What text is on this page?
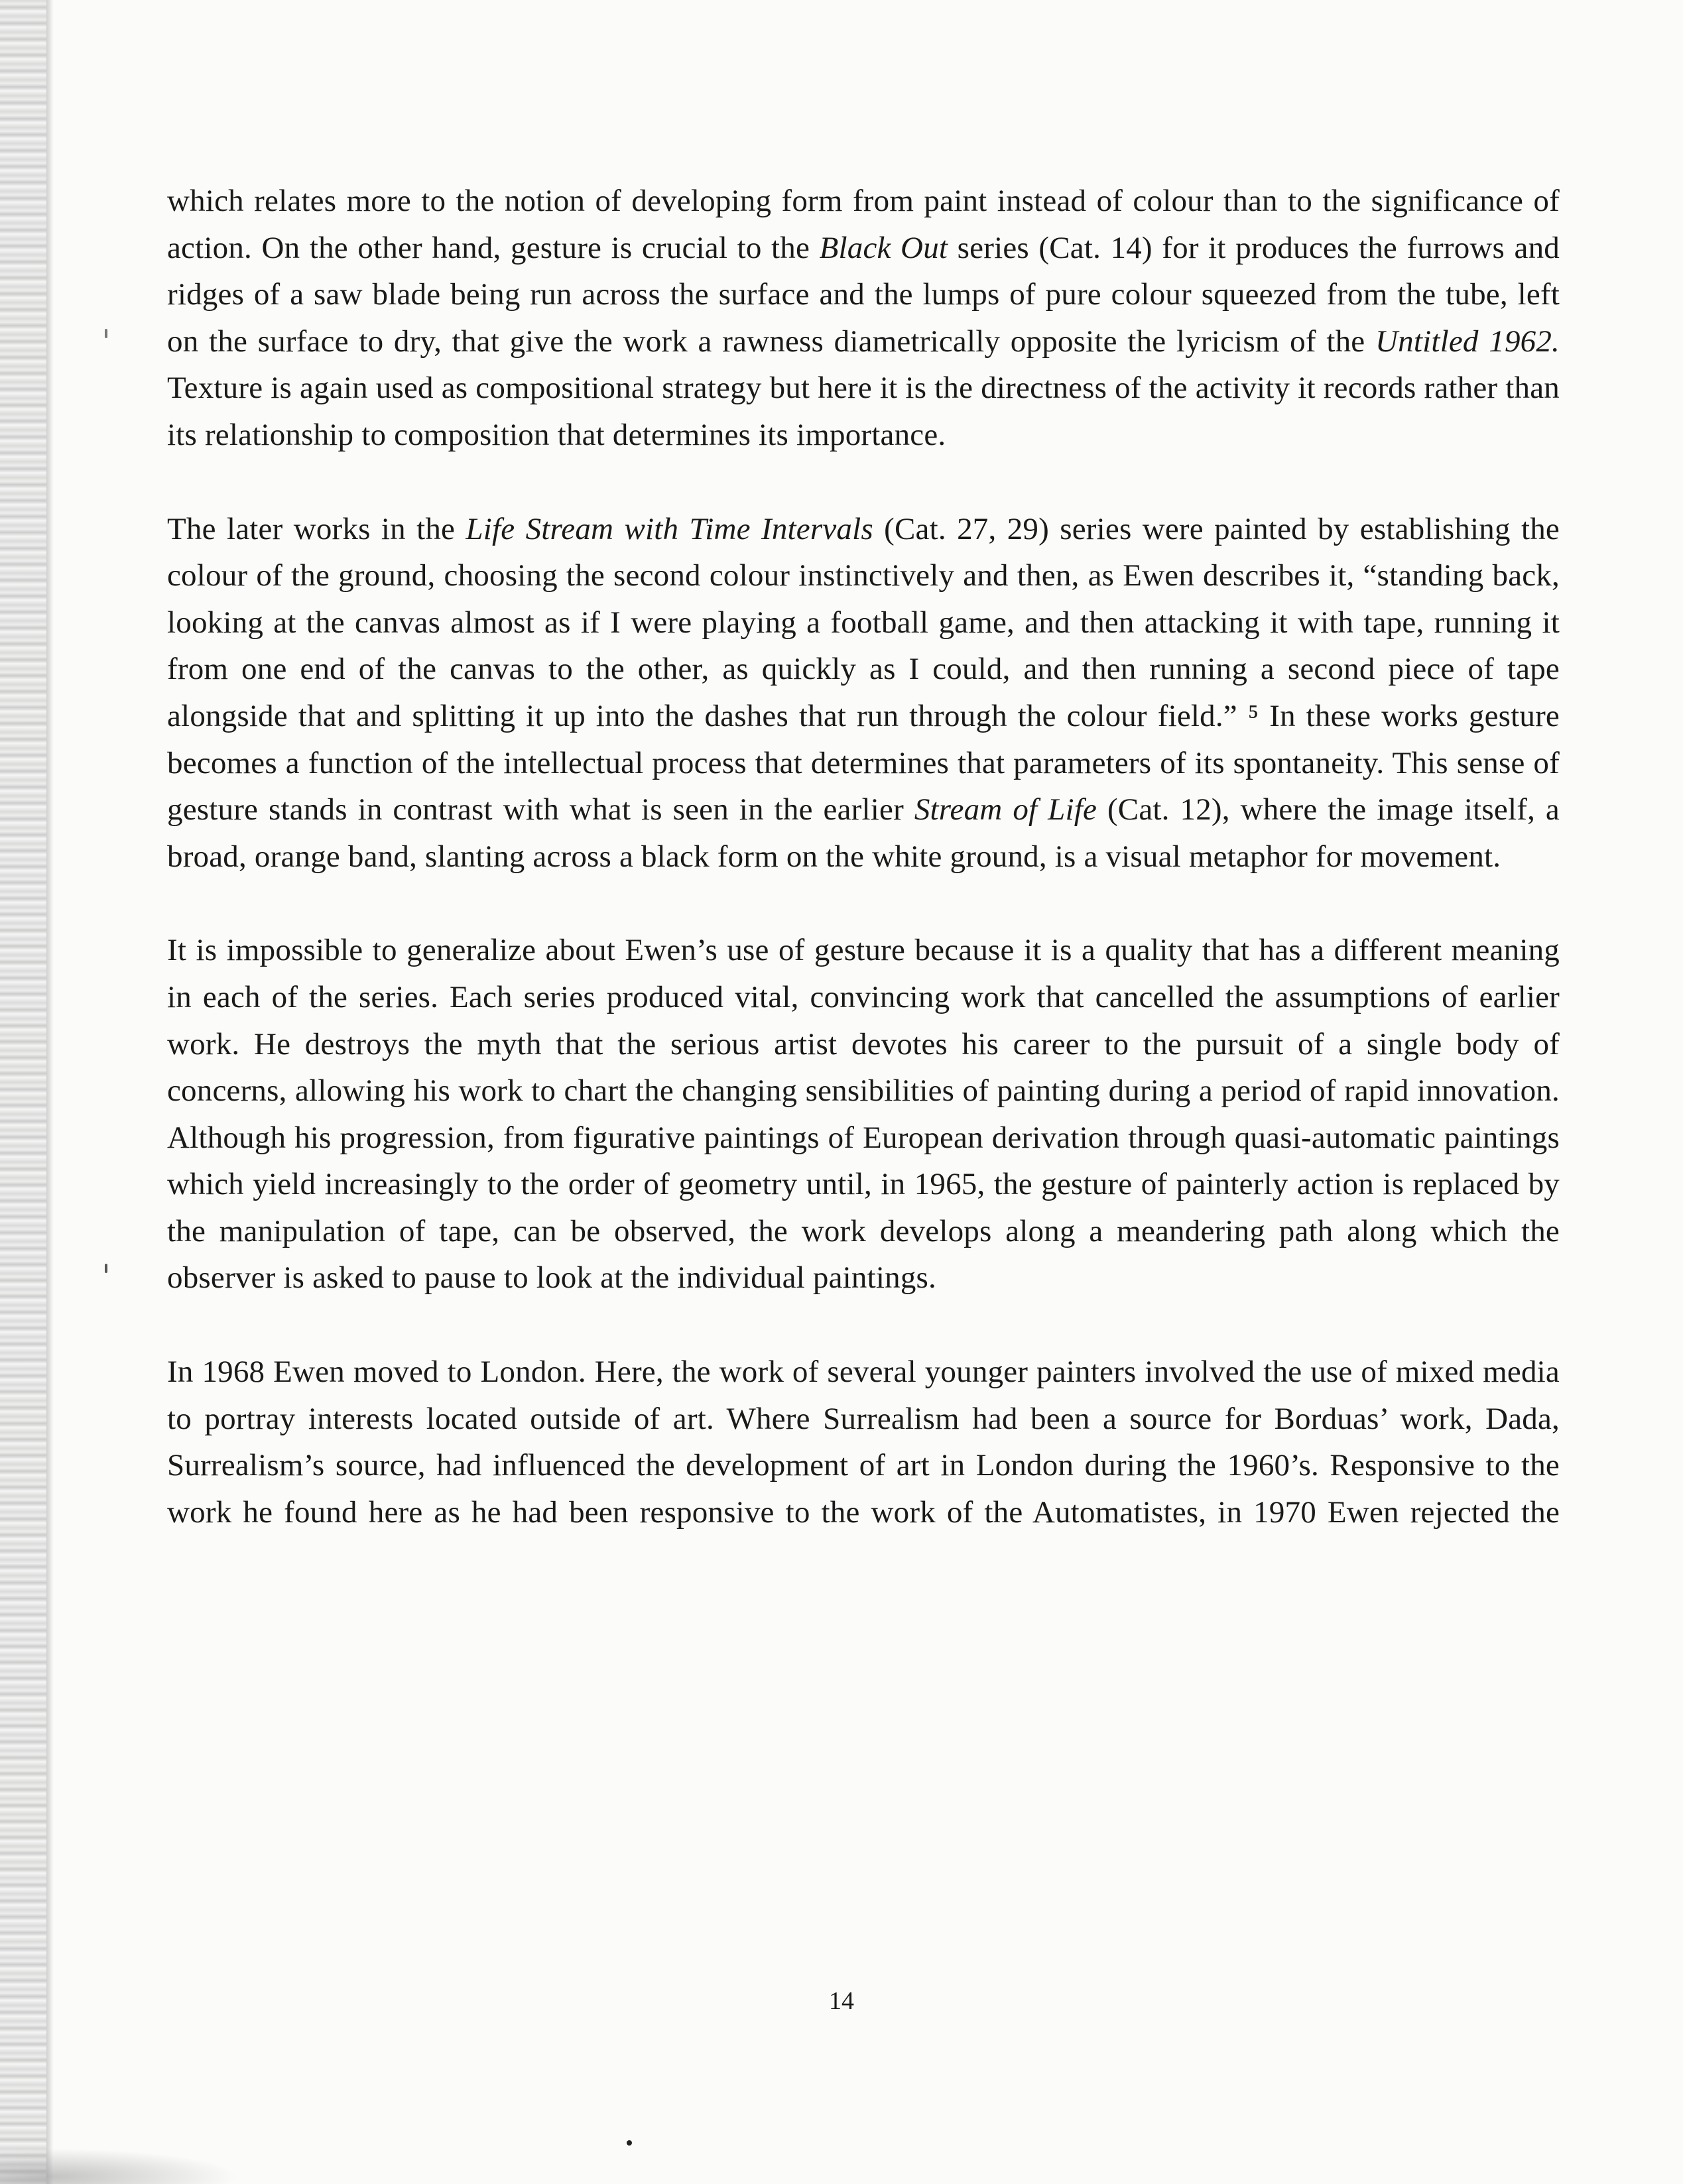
which relates more to the notion of developing form from paint instead of colour than to the significance of action. On the other hand, gesture is crucial to the Black Out series (Cat. 14) for it produces the furrows and ridges of a saw blade being run across the surface and the lumps of pure colour squeezed from the tube, left on the surface to dry, that give the work a rawness diametrically opposite the lyricism of the Untitled 1962. Texture is again used as compositional strategy but here it is the directness of the activity it records rather than its relationship to composition that determines its importance.

The later works in the Life Stream with Time Intervals (Cat. 27, 29) series were painted by establishing the colour of the ground, choosing the second colour instinctively and then, as Ewen describes it, “standing back, looking at the canvas almost as if I were playing a football game, and then attacking it with tape, running it from one end of the canvas to the other, as quickly as I could, and then running a second piece of tape alongside that and splitting it up into the dashes that run through the colour field.” ⁵ In these works gesture becomes a function of the intellectual process that determines that parameters of its spontaneity. This sense of gesture stands in contrast with what is seen in the earlier Stream of Life (Cat. 12), where the image itself, a broad, orange band, slanting across a black form on the white ground, is a visual metaphor for movement.

It is impossible to generalize about Ewen’s use of gesture because it is a quality that has a different meaning in each of the series. Each series produced vital, convincing work that cancelled the assumptions of earlier work. He destroys the myth that the serious artist devotes his career to the pursuit of a single body of concerns, allowing his work to chart the changing sensibilities of painting during a period of rapid innovation. Although his progression, from figurative paintings of European derivation through quasi-automatic paintings which yield increasingly to the order of geometry until, in 1965, the gesture of painterly action is replaced by the manipulation of tape, can be observed, the work develops along a meandering path along which the observer is asked to pause to look at the individual paintings.

In 1968 Ewen moved to London. Here, the work of several younger painters involved the use of mixed media to portray interests located outside of art. Where Surrealism had been a source for Borduas’ work, Dada, Surrealism’s source, had influenced the development of art in London during the 1960’s. Responsive to the work he found here as he had been responsive to the work of the Automatistes, in 1970 Ewen rejected the

14
